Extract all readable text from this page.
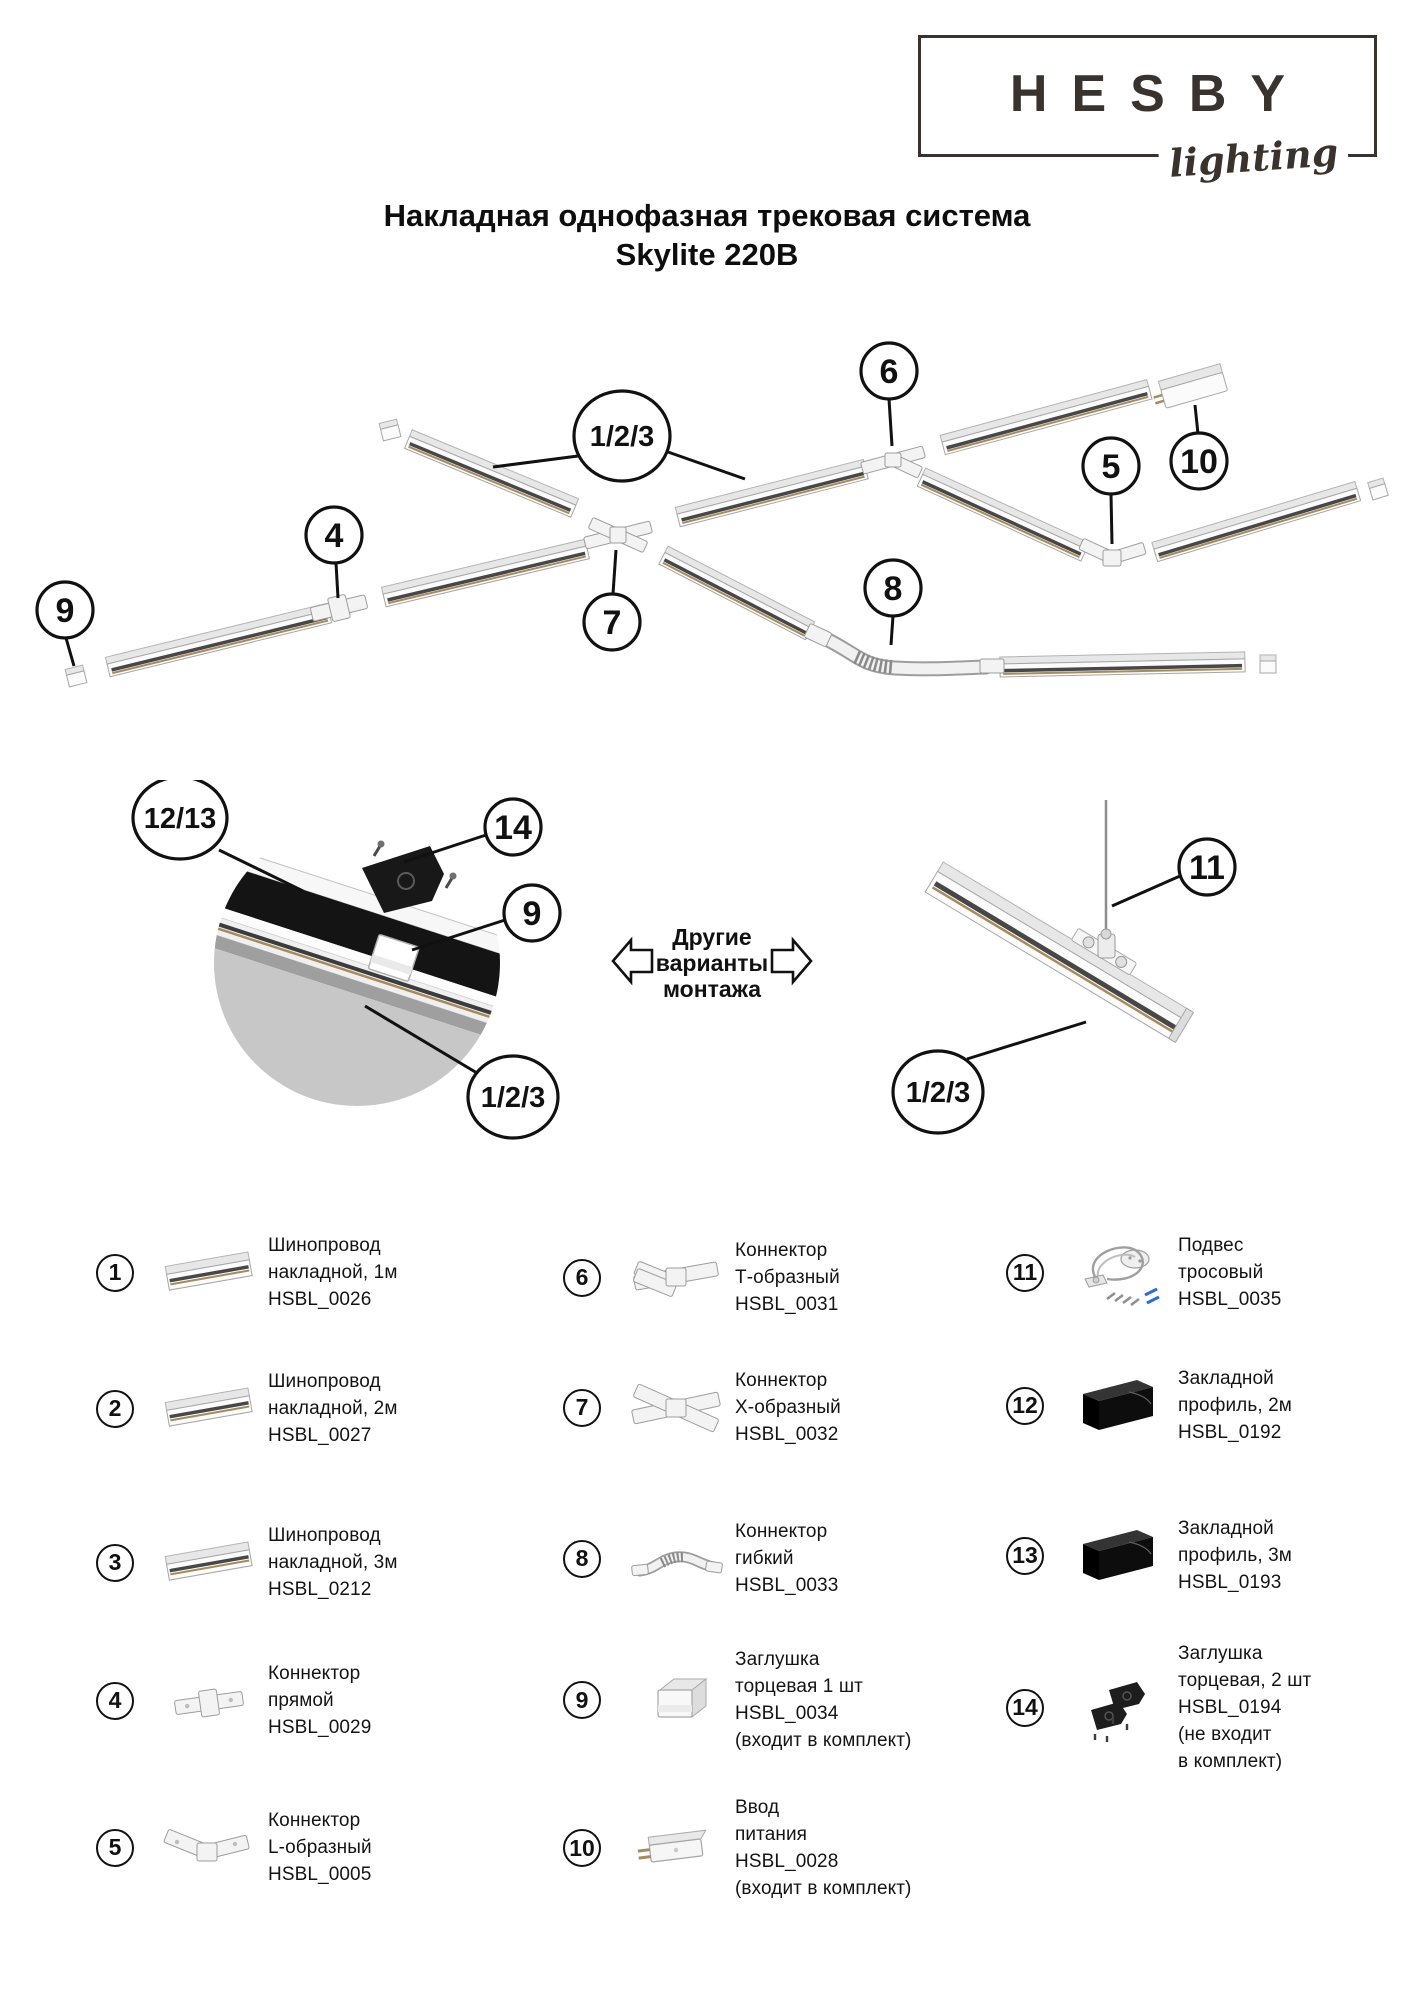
HESBY
lighting
Накладная однофазная трековая система
Skylite 220В
1/2/3
4
5
6
7
8
9
10
12/13	14
9
1/2/3
Другие
варианты
монтажа
11
1/2/3
1
Шинопровод
накладной, 1м
HSBL_0026
2
Шинопровод
накладной, 2м
HSBL_0027
3
Шинопровод
накладной, 3м
HSBL_0212
4
Коннектор
прямой
HSBL_0029
5
Коннектор
L-образный
HSBL_0005
6
Коннектор
Т-образный
HSBL_0031
7
Коннектор
Х-образный
HSBL_0032
8
Коннектор
гибкий
HSBL_0033
9
Заглушка
торцевая 1 шт
HSBL_0034
(входит в комплект)
10
Ввод
питания
HSBL_0028
(входит в комплект)
11
Подвес
тросовый
HSBL_0035
12
Закладной
профиль, 2м
HSBL_0192
13
Закладной
профиль, 3м
HSBL_0193
14
Заглушка
торцевая, 2 шт
HSBL_0194
(не входит
в комплект)
